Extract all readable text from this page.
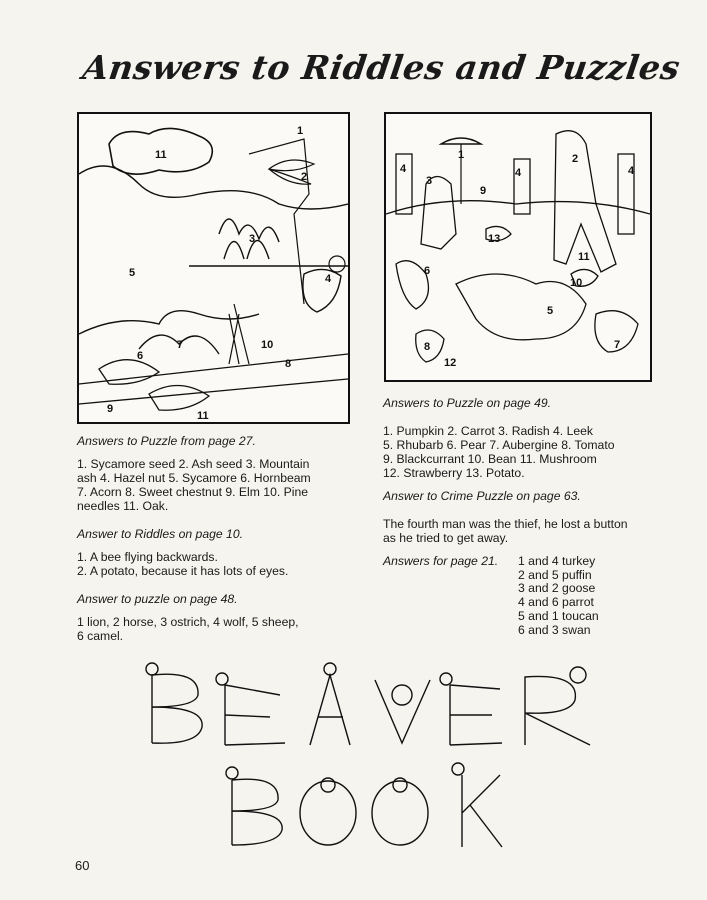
Answers to Riddles and Puzzles
1
2
3
4
5
6
7
8
9
10
11
11
1	2
3
4	4	4
5
6
7
8
9
10
11
12
13

Answers to Puzzle from page 27.

1. Sycamore seed 2. Ash seed 3. Mountain
ash 4. Hazel nut 5. Sycamore 6. Hornbeam
7. Acorn 8. Sweet chestnut 9. Elm 10. Pine
needles 11. Oak.

Answer to Riddles on page 10.

1. A bee flying backwards.
2. A potato, because it has lots of eyes.

Answer to puzzle on page 48.

1 lion, 2 horse, 3 ostrich, 4 wolf, 5 sheep,
6 camel.

Answers to Puzzle on page 49.

1. Pumpkin 2. Carrot 3. Radish 4. Leek
5. Rhubarb 6. Pear 7. Aubergine 8. Tomato
9. Blackcurrant 10. Bean 11. Mushroom
12. Strawberry 13. Potato.

Answer to Crime Puzzle on page 63.

The fourth man was the thief, he lost a button
as he tried to get away.

Answers for page 21. 1 and 4 turkey
2 and 5 puffin
3 and 2 goose
4 and 6 parrot
5 and 1 toucan
6 and 3 swan
60
